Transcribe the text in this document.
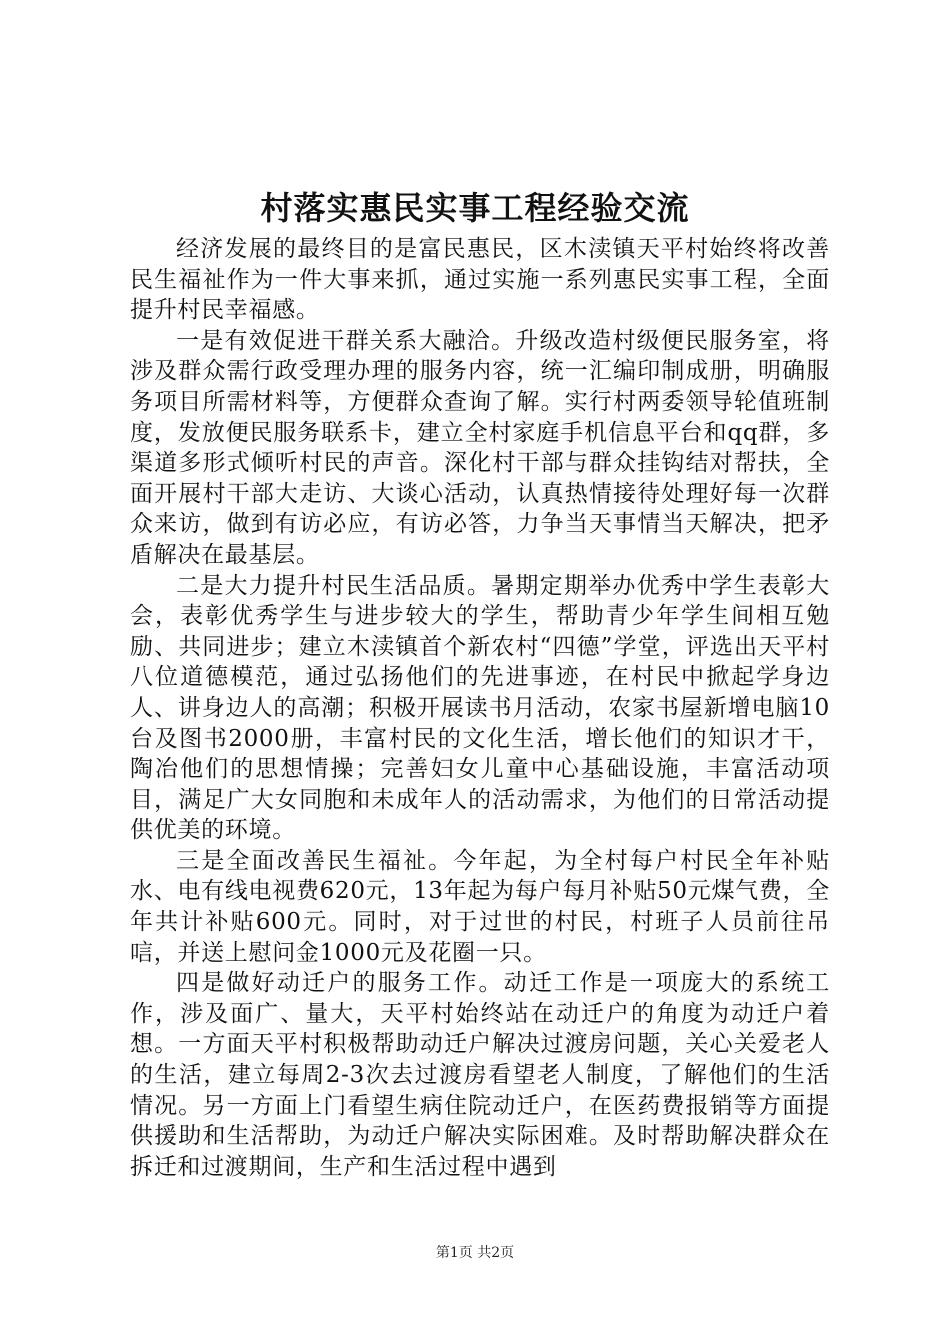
村落实惠民实事工程经验交流

经济发展的最终目的是富民惠民，区木渎镇天平村始终将改善民生福祉作为一件大事来抓，通过实施一系列惠民实事工程，全面提升村民幸福感。

一是有效促进干群关系大融洽。升级改造村级便民服务室，将涉及群众需行政受理办理的服务内容，统一汇编印制成册，明确服务项目所需材料等，方便群众查询了解。实行村两委领导轮值班制度，发放便民服务联系卡，建立全村家庭手机信息平台和qq群，多渠道多形式倾听村民的声音。深化村干部与群众挂钩结对帮扶，全面开展村干部大走访、大谈心活动，认真热情接待处理好每一次群众来访，做到有访必应，有访必答，力争当天事情当天解决，把矛盾解决在最基层。

二是大力提升村民生活品质。暑期定期举办优秀中学生表彰大会，表彰优秀学生与进步较大的学生，帮助青少年学生间相互勉励、共同进步；建立木渎镇首个新农村“四德”学堂，评选出天平村八位道德模范，通过弘扬他们的先进事迹，在村民中掀起学身边人、讲身边人的高潮；积极开展读书月活动，农家书屋新增电脑10台及图书2000册，丰富村民的文化生活，增长他们的知识才干，陶冶他们的思想情操；完善妇女儿童中心基础设施，丰富活动项目，满足广大女同胞和未成年人的活动需求，为他们的日常活动提供优美的环境。

三是全面改善民生福祉。今年起，为全村每户村民全年补贴水、电有线电视费620元，13年起为每户每月补贴50元煤气费，全年共计补贴600元。同时，对于过世的村民，村班子人员前往吊唁，并送上慰问金1000元及花圈一只。

四是做好动迁户的服务工作。动迁工作是一项庞大的系统工作，涉及面广、量大，天平村始终站在动迁户的角度为动迁户着想。一方面天平村积极帮助动迁户解决过渡房问题，关心关爱老人的生活，建立每周2-3次去过渡房看望老人制度，了解他们的生活情况。另一方面上门看望生病住院动迁户，在医药费报销等方面提供援助和生活帮助，为动迁户解决实际困难。及时帮助解决群众在拆迁和过渡期间，生产和生活过程中遇到

第1页 共2页
